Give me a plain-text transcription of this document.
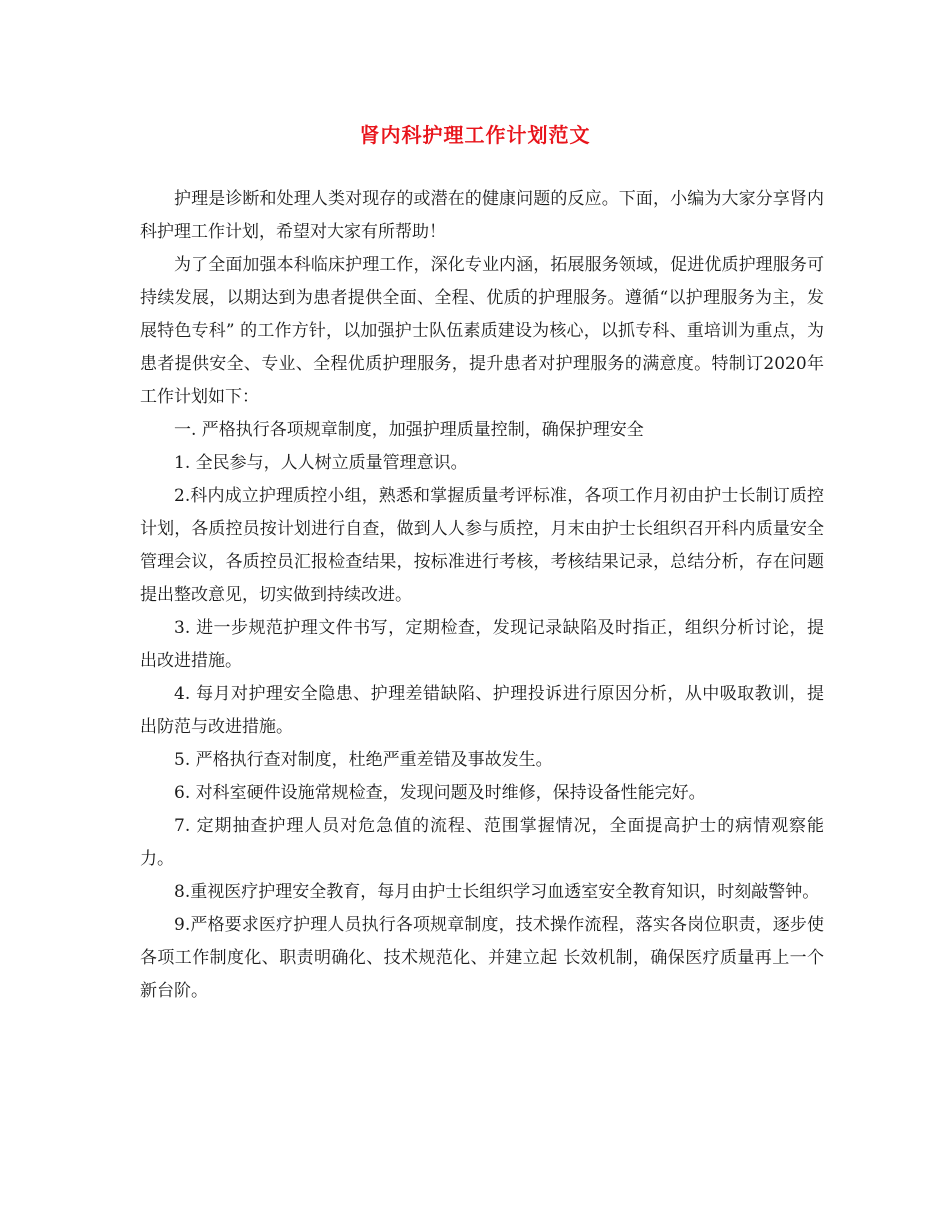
肾内科护理工作计划范文

护理是诊断和处理人类对现存的或潜在的健康问题的反应。下面，小编为大家分享肾内科护理工作计划，希望对大家有所帮助！

为了全面加强本科临床护理工作，深化专业内涵，拓展服务领域，促进优质护理服务可持续发展，以期达到为患者提供全面、全程、优质的护理服务。遵循“以护理服务为主，发展特色专科” 的工作方针，以加强护士队伍素质建设为核心，以抓专科、重培训为重点，为患者提供安全、专业、全程优质护理服务，提升患者对护理服务的满意度。特制订2020年工作计划如下：

一. 严格执行各项规章制度，加强护理质量控制，确保护理安全

1. 全民参与，人人树立质量管理意识。

2.科内成立护理质控小组，熟悉和掌握质量考评标准，各项工作月初由护士长制订质控计划，各质控员按计划进行自查，做到人人参与质控，月末由护士长组织召开科内质量安全管理会议，各质控员汇报检查结果，按标准进行考核，考核结果记录，总结分析，存在问题提出整改意见，切实做到持续改进。

3. 进一步规范护理文件书写，定期检查，发现记录缺陷及时指正，组织分析讨论，提出改进措施。

4. 每月对护理安全隐患、护理差错缺陷、护理投诉进行原因分析，从中吸取教训，提出防范与改进措施。

5. 严格执行查对制度，杜绝严重差错及事故发生。

6. 对科室硬件设施常规检查，发现问题及时维修，保持设备性能完好。

7. 定期抽查护理人员对危急值的流程、范围掌握情况，全面提高护士的病情观察能力。

8.重视医疗护理安全教育，每月由护士长组织学习血透室安全教育知识，时刻敲警钟。

9.严格要求医疗护理人员执行各项规章制度，技术操作流程，落实各岗位职责，逐步使各项工作制度化、职责明确化、技术规范化、并建立起 长效机制，确保医疗质量再上一个新台阶。
